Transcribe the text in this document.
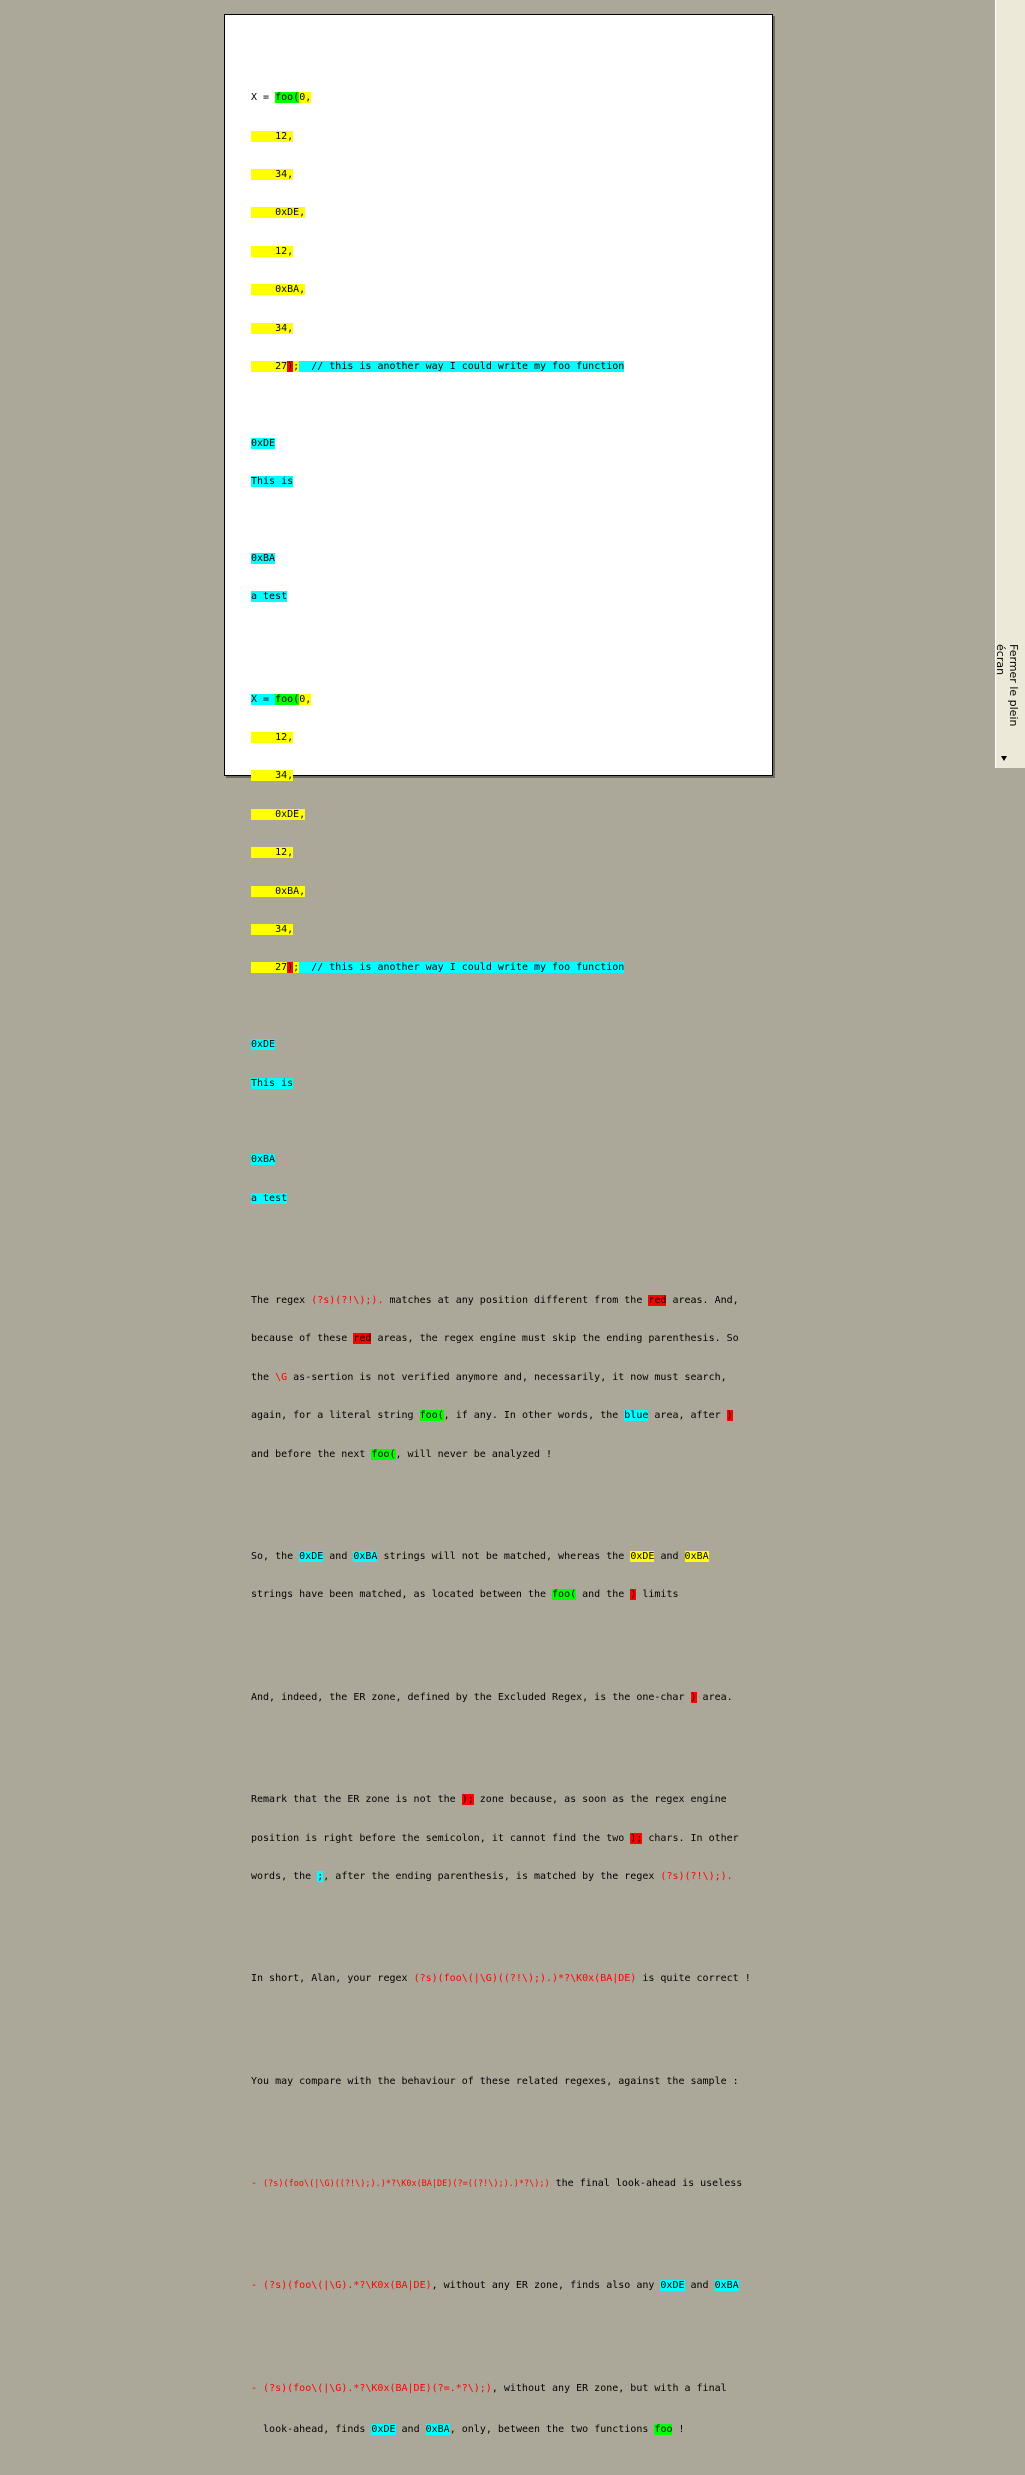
X = foo(0,

12,

34,

0xDE,

12,

0xBA,

34,

27);  // this is another way I could write my foo function

0xDE

This is

0xBA

a test

X = foo(0,

12,

34,

0xDE,

12,

0xBA,

34,

27);  // this is another way I could write my foo function

0xDE

This is

0xBA

a test

The regex (?s)(?!\);). matches at any position different from the red areas. And,

because of these red areas, the regex engine must skip the ending parenthesis. So

the \G as-sertion is not verified anymore and, necessarily, it now must search,

again, for a literal string foo(, if any. In other words, the blue area, after )

and before the next foo(, will never be analyzed !

So, the 0xDE and 0xBA strings will not be matched, whereas the 0xDE and 0xBA

strings have been matched, as located between the foo( and the ) limits

And, indeed, the ER zone, defined by the Excluded Regex, is the one-char ) area.

Remark that the ER zone is not the ); zone because, as soon as the regex engine

position is right before the semicolon, it cannot find the two ); chars. In other

words, the ;, after the ending parenthesis, is matched by the regex (?s)(?!\);).

In short, Alan, your regex (?s)(foo\(|\G)((?!\);).)*?\K0x(BA|DE) is quite correct !

You may compare with the behaviour of these related regexes, against the sample :

- (?s)(foo\(|\G)((?!\);).)*?\K0x(BA|DE)(?=((?!\);).)*?\);) the final look-ahead is useless

- (?s)(foo\(|\G).*?\K0x(BA|DE), without any ER zone, finds also any 0xDE and 0xBA

- (?s)(foo\(|\G).*?\K0x(BA|DE)(?=.*?\);), without any ER zone, but with a final

look-ahead, finds 0xDE and 0xBA, only, between the two functions foo !

Fermer le plein écran
